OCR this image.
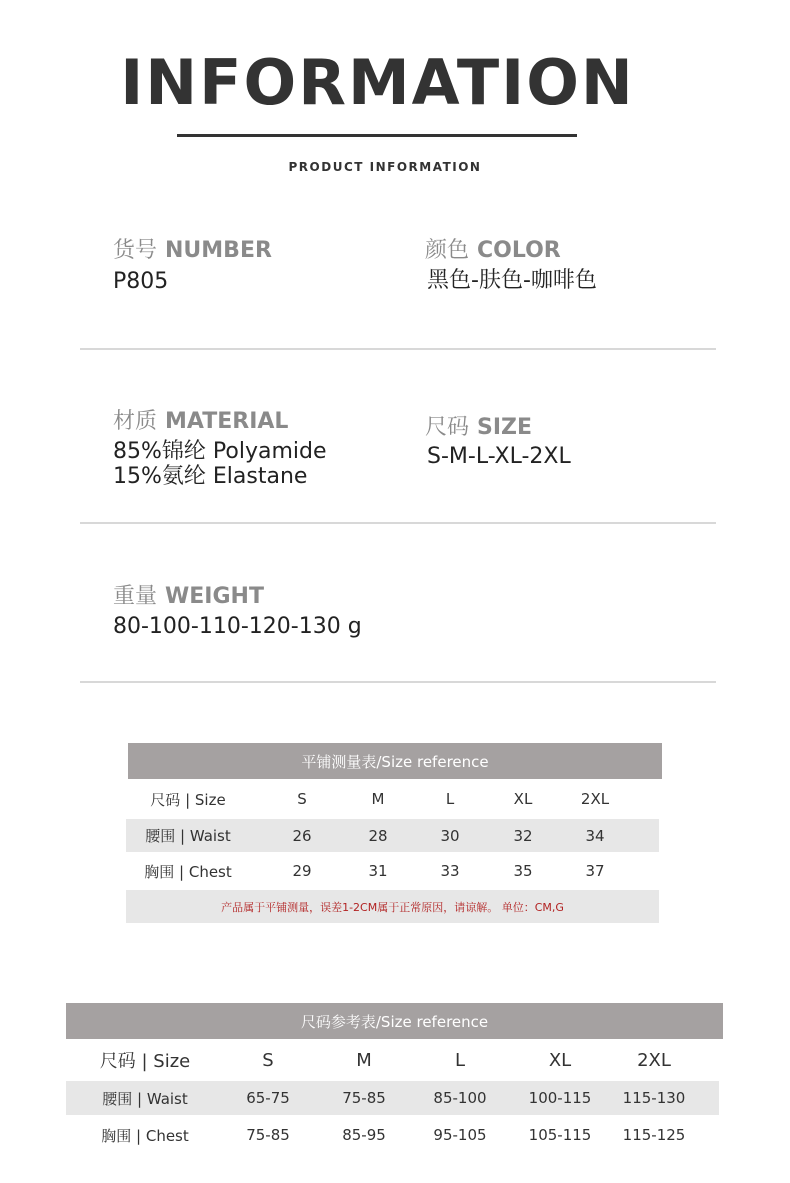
INFORMATION
PRODUCT INFORMATION
货号 NUMBER
P805
颜色 COLOR
黑色-肤色-咖啡色
材质 MATERIAL
85%锦纶 Polyamide
15%氨纶 Elastane
尺码 SIZE
S-M-L-XL-2XL
重量 WEIGHT
80-100-110-120-130 g
平铺测量表/Size reference
尺码 | Size	S	M	L	XL	2XL
腰围 | Waist	26	28	30	32	34
胸围 | Chest	29	31	33	35	37
产品属于平铺测量，误差1-2CM属于正常原因，请谅解。 单位：CM,G
尺码参考表/Size reference
尺码 | Size	S	M	L	XL	2XL
腰围 | Waist	65-75	75-85	85-100	100-115	115-130
胸围 | Chest	75-85	85-95	95-105	105-115	115-125
